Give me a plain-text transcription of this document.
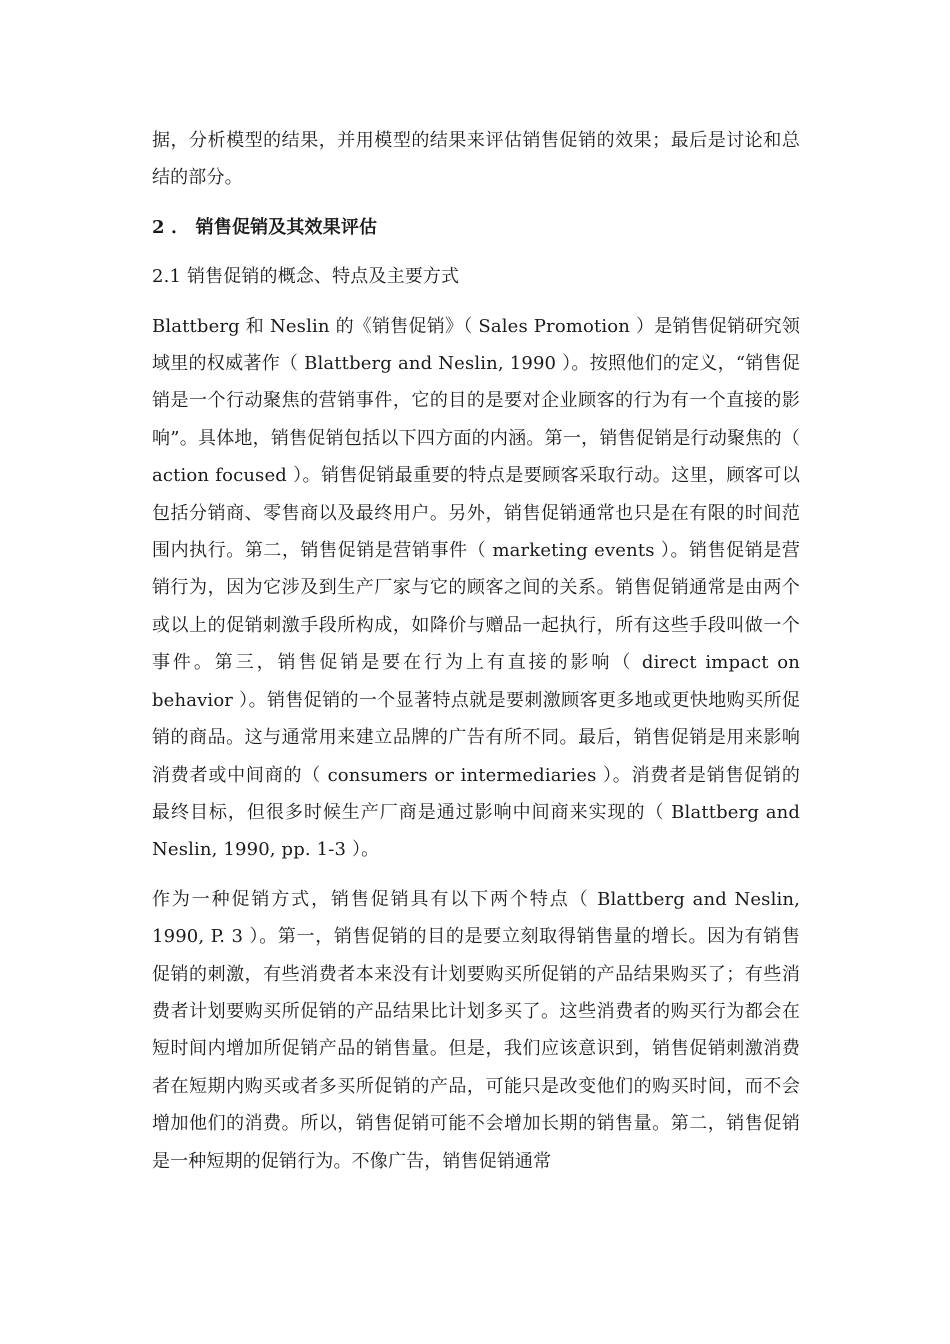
据，分析模型的结果，并用模型的结果来评估销售促销的效果；最后是讨论和总结的部分。

2 ． 销售促销及其效果评估

2.1 销售促销的概念、特点及主要方式

Blattberg 和 Neslin 的《销售促销》（ Sales Promotion ）是销售促销研究领域里的权威著作（ Blattberg and Neslin, 1990 ）。按照他们的定义，“销售促销是一个行动聚焦的营销事件，它的目的是要对企业顾客的行为有一个直接的影响”。具体地，销售促销包括以下四方面的内涵。第一，销售促销是行动聚焦的（ action focused ）。销售促销最重要的特点是要顾客采取行动。这里，顾客可以包括分销商、零售商以及最终用户。另外，销售促销通常也只是在有限的时间范围内执行。第二，销售促销是营销事件（ marketing events ）。销售促销是营销行为，因为它涉及到生产厂家与它的顾客之间的关系。销售促销通常是由两个或以上的促销刺激手段所构成，如降价与赠品一起执行，所有这些手段叫做一个事件。第三，销售促销是要在行为上有直接的影响（ direct impact on behavior ）。销售促销的一个显著特点就是要刺激顾客更多地或更快地购买所促销的商品。这与通常用来建立品牌的广告有所不同。最后，销售促销是用来影响消费者或中间商的（ consumers or intermediaries ）。消费者是销售促销的最终目标，但很多时候生产厂商是通过影响中间商来实现的（ Blattberg and Neslin, 1990, pp. 1-3 ）。

作为一种促销方式，销售促销具有以下两个特点（ Blattberg and Neslin, 1990, P. 3 ）。第一，销售促销的目的是要立刻取得销售量的增长。因为有销售促销的刺激，有些消费者本来没有计划要购买所促销的产品结果购买了；有些消费者计划要购买所促销的产品结果比计划多买了。这些消费者的购买行为都会在短时间内增加所促销产品的销售量。但是，我们应该意识到，销售促销刺激消费者在短期内购买或者多买所促销的产品，可能只是改变他们的购买时间，而不会增加他们的消费。所以，销售促销可能不会增加长期的销售量。第二，销售促销是一种短期的促销行为。不像广告，销售促销通常
